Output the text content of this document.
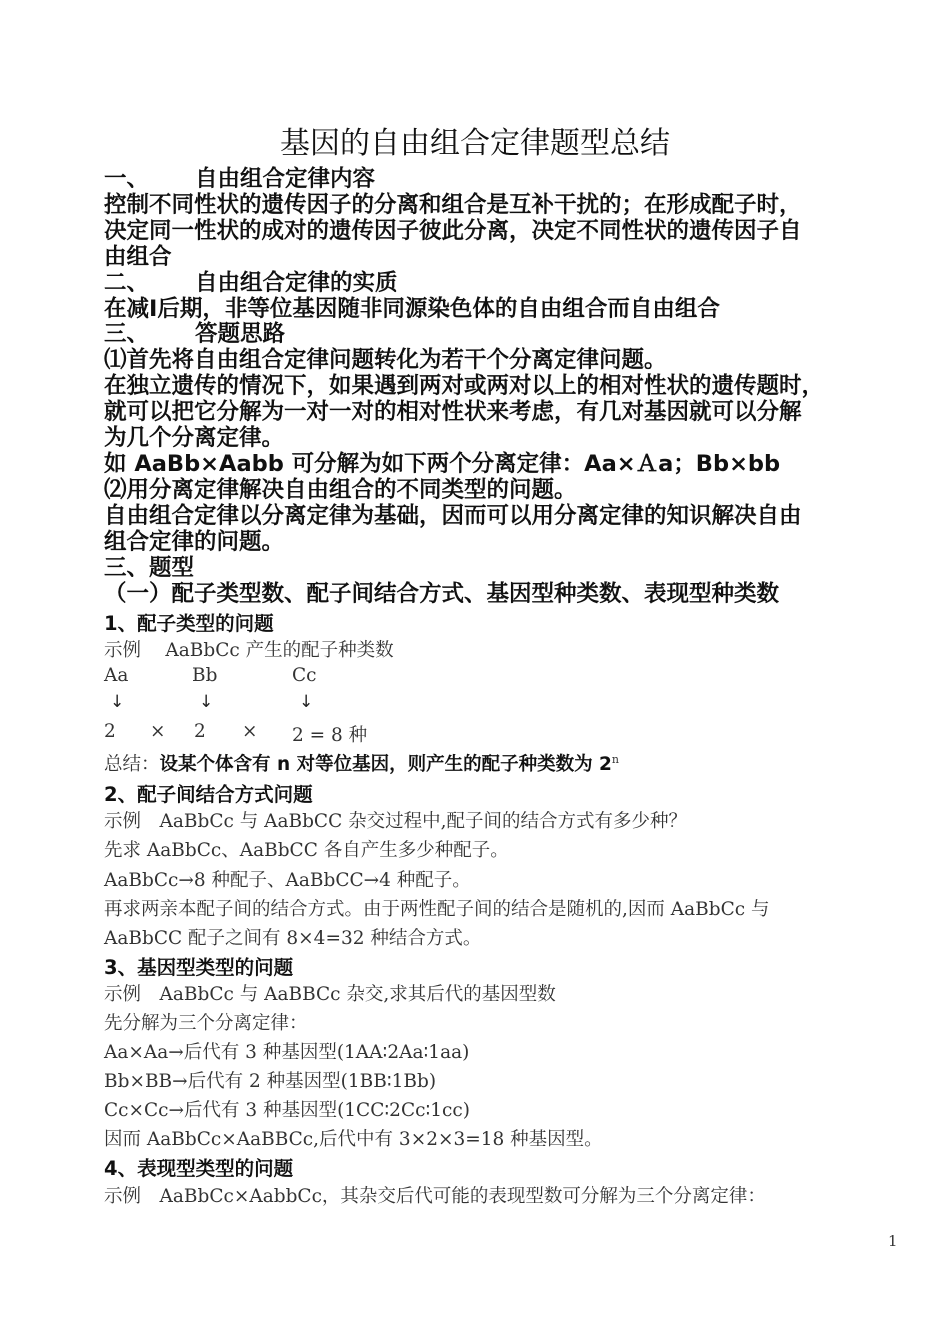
基因的自由组合定律题型总结
一、 自由组合定律内容
控制不同性状的遗传因子的分离和组合是互补干扰的；在形成配子时，
决定同一性状的成对的遗传因子彼此分离，决定不同性状的遗传因子自
由组合
二、 自由组合定律的实质
在减Ⅰ后期，非等位基因随非同源染色体的自由组合而自由组合
三、 答题思路
⑴首先将自由组合定律问题转化为若干个分离定律问题。
在独立遗传的情况下，如果遇到两对或两对以上的相对性状的遗传题时，
就可以把它分解为一对一对的相对性状来考虑，有几对基因就可以分解
为几个分离定律。
如 AaBb×Aabb 可分解为如下两个分离定律：Aa×Ａa；Bb×bb
⑵用分离定律解决自由组合的不同类型的问题。
自由组合定律以分离定律为基础，因而可以用分离定律的知识解决自由
组合定律的问题。
三、题型
（一）配子类型数、配子间结合方式、基因型种类数、表现型种类数
1、配子类型的问题
示例　 AaBbCc 产生的配子种类数
Aa	Bb	Cc
↓	↓	↓
2 × 2 × 2 = 8 种
总结：设某个体含有 n 对等位基因，则产生的配子种类数为 2$^n$
2、配子间结合方式问题
示例　AaBbCc 与 AaBbCC 杂交过程中,配子间的结合方式有多少种？
先求 AaBbCc、AaBbCC 各自产生多少种配子。
AaBbCc→8 种配子、AaBbCC→4 种配子。
再求两亲本配子间的结合方式。由于两性配子间的结合是随机的,因而 AaBbCc 与
AaBbCC 配子之间有 8×4=32 种结合方式。
3、基因型类型的问题
示例　AaBbCc 与 AaBBCc 杂交,求其后代的基因型数
先分解为三个分离定律：
Aa×Aa→后代有 3 种基因型(1AA∶2Aa∶1aa)
Bb×BB→后代有 2 种基因型(1BB∶1Bb)
Cc×Cc→后代有 3 种基因型(1CC∶2Cc∶1cc)
因而 AaBbCc×AaBBCc,后代中有 3×2×3=18 种基因型。
4、表现型类型的问题
示例　AaBbCc×AabbCc，其杂交后代可能的表现型数可分解为三个分离定律：
1
